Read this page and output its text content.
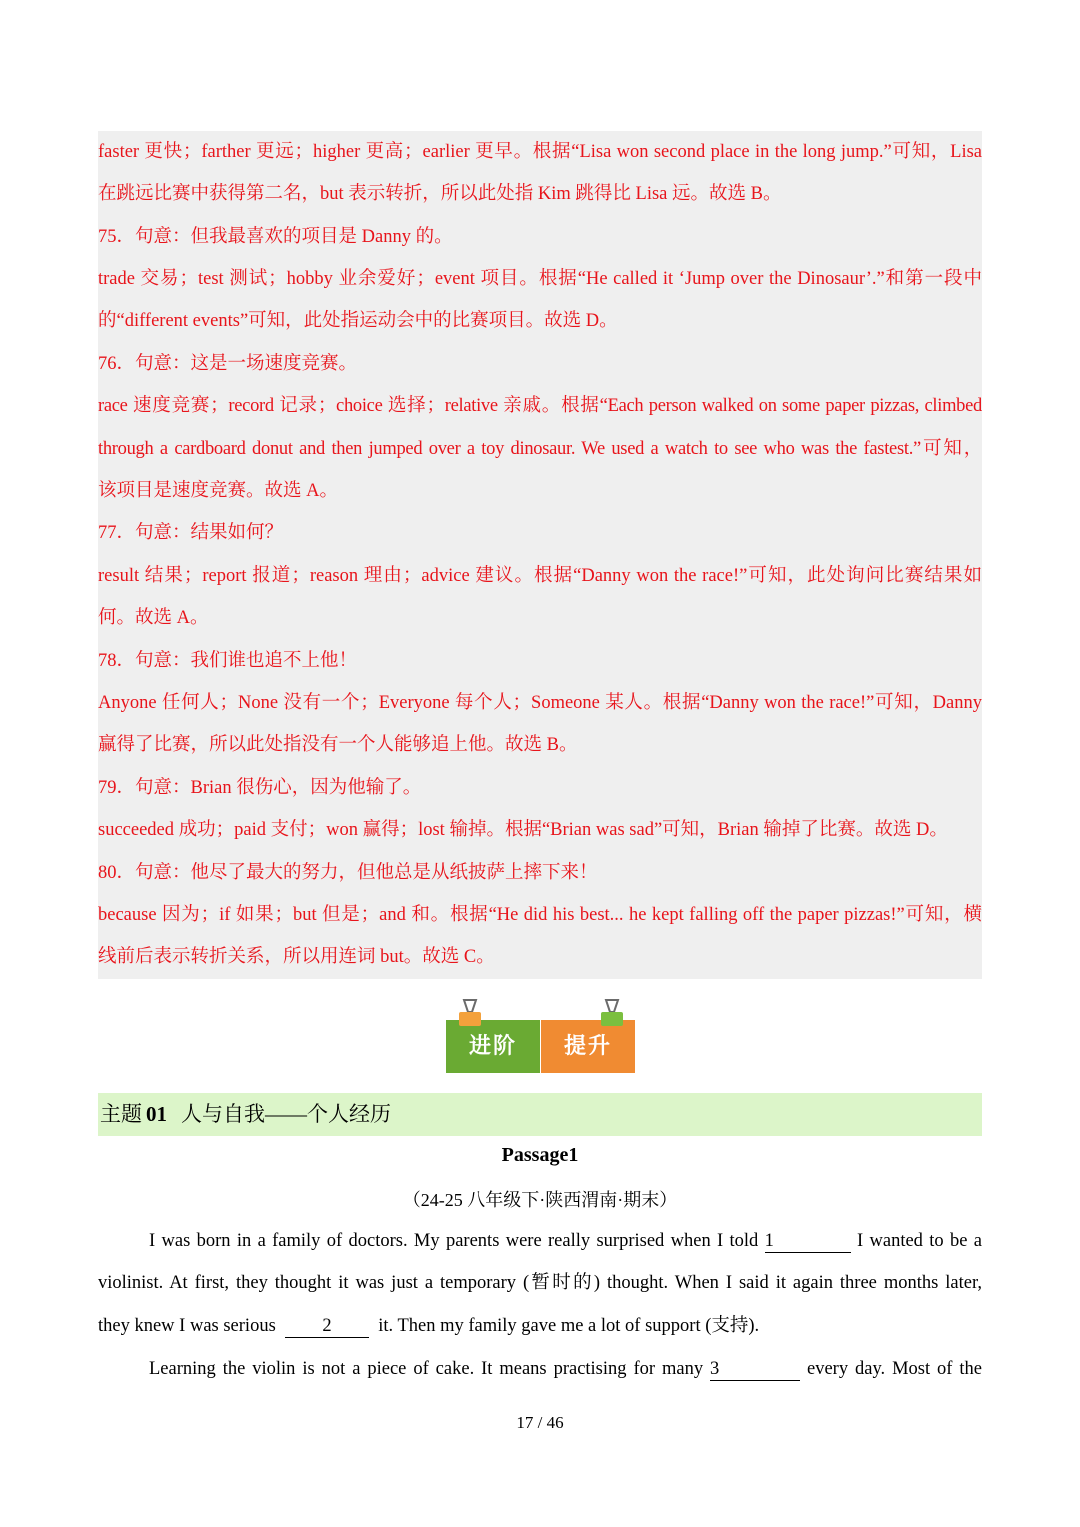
faster 更快；farther 更远；higher 更高；earlier 更早。根据“Lisa won second place in the long jump.”可知，Lisa
在跳远比赛中获得第二名，but 表示转折，所以此处指 Kim 跳得比 Lisa 远。故选 B。
75．句意：但我最喜欢的项目是 Danny 的。
trade 交易；test 测试；hobby 业余爱好；event 项目。根据“He called it ‘Jump over the Dinosaur’.”和第一段中
的“different events”可知，此处指运动会中的比赛项目。故选 D。
76．句意：这是一场速度竞赛。
race 速度竞赛；record 记录；choice 选择；relative 亲戚。根据“Each person walked on some paper pizzas, climbed
through a cardboard donut and then jumped over a toy dinosaur. We used a watch to see who was the fastest.”可知，
该项目是速度竞赛。故选 A。
77．句意：结果如何？
result 结果；report 报道；reason 理由；advice 建议。根据“Danny won the race!”可知，此处询问比赛结果如
何。故选 A。
78．句意：我们谁也追不上他！
Anyone 任何人；None 没有一个；Everyone 每个人；Someone 某人。根据“Danny won the race!”可知，Danny
赢得了比赛，所以此处指没有一个人能够追上他。故选 B。
79．句意：Brian 很伤心，因为他输了。
succeeded 成功；paid 支付；won 赢得；lost 输掉。根据“Brian was sad”可知，Brian 输掉了比赛。故选 D。
80．句意：他尽了最大的努力，但他总是从纸披萨上摔下来！
because 因为；if 如果；but 但是；and 和。根据“He did his best... he kept falling off the paper pizzas!”可知，横
线前后表示转折关系，所以用连词 but。故选 C。
进阶	提升
主题 01 人与自我——个人经历
Passage1
（24-25 八年级下·陕西渭南·期末）
I was born in a family of doctors. My parents were really surprised when I told 1	I wanted to be a
violinist. At first, they thought it was just a temporary (暂时的) thought. When I said it again three months later,
they knew I was serious	2	it. Then my family gave me a lot of support (支持).
Learning the violin is not a piece of cake. It means practising for many 3	every day. Most of the
17 / 46
